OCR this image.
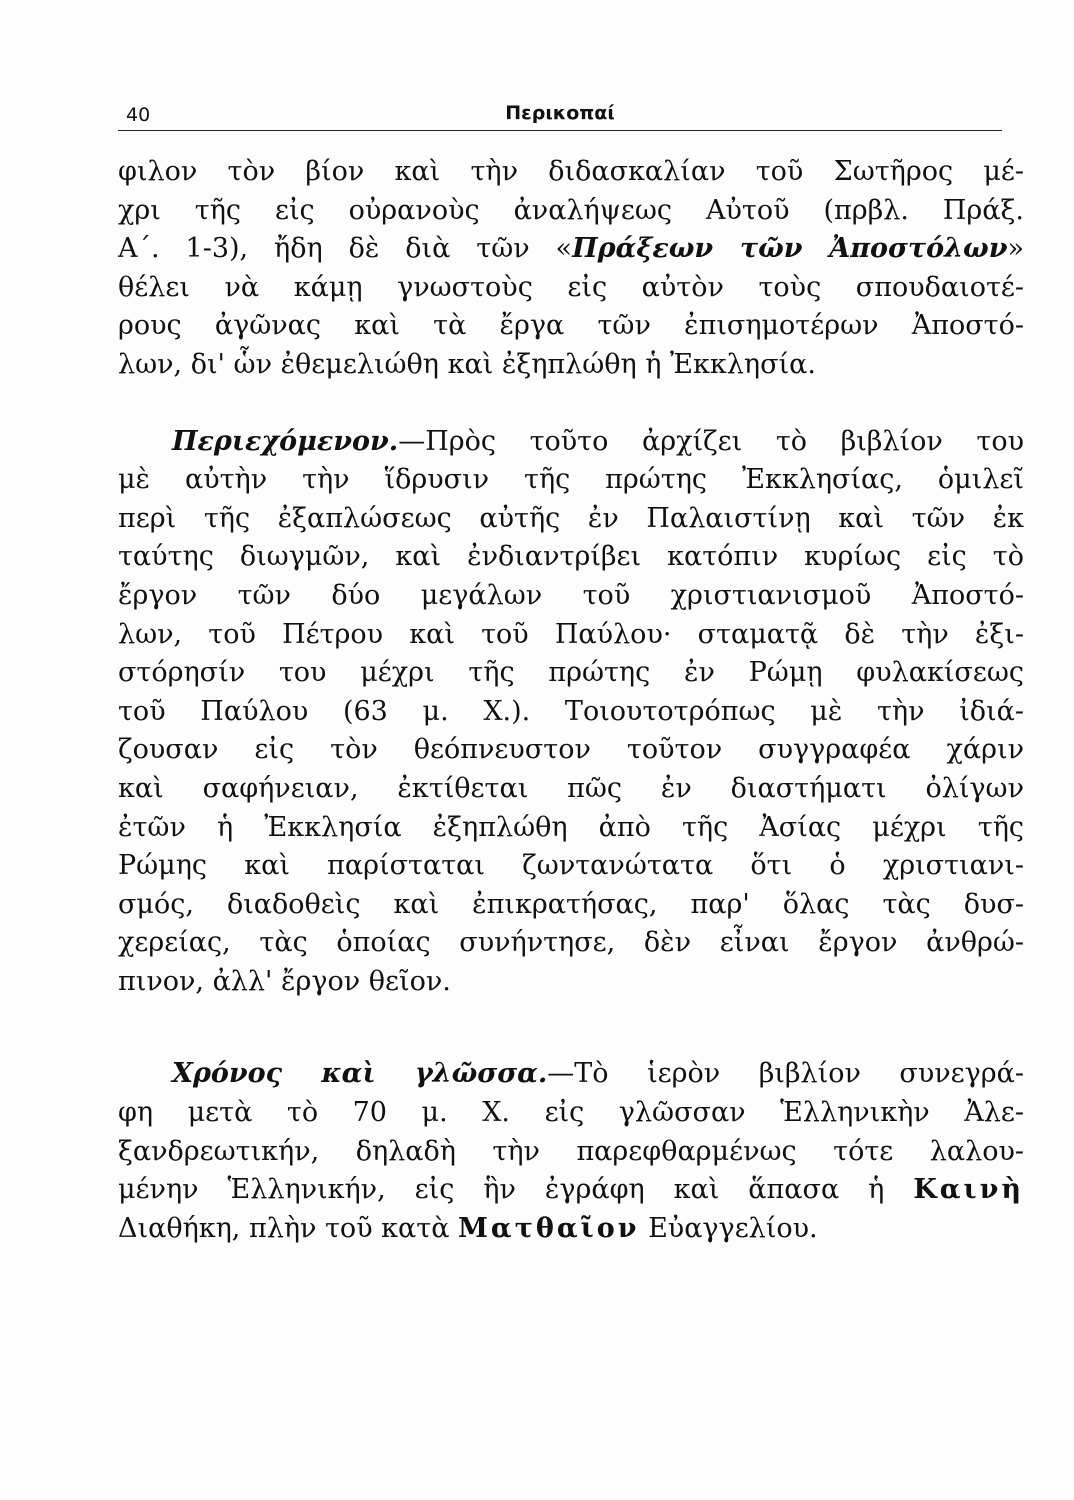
40	Περικοπαί
φιλον τὸν βίον καὶ τὴν διδασκαλίαν τοῦ Σωτῆρος μέ-
χρι τῆς εἰς οὐρανοὺς ἀναλήψεως Αὐτοῦ (πρβλ. Πράξ.
Α΄. 1-3), ἤδη δὲ διὰ τῶν «Πράξεων τῶν Ἀποστόλων»
θέλει νὰ κάμῃ γνωστοὺς εἰς αὐτὸν τοὺς σπουδαιοτέ-
ρους ἀγῶνας καὶ τὰ ἔργα τῶν ἐπισημοτέρων Ἀποστό-
λων, δι' ὧν ἐθεμελιώθη καὶ ἐξηπλώθη ἡ Ἐκκλησία.
Περιεχόμενον.—Πρὸς τοῦτο ἀρχίζει τὸ βιβλίον του
μὲ αὐτὴν τὴν ἵδρυσιν τῆς πρώτης Ἐκκλησίας, ὁμιλεῖ
περὶ τῆς ἐξαπλώσεως αὐτῆς ἐν Παλαιστίνῃ καὶ τῶν ἐκ
ταύτης διωγμῶν, καὶ ἐνδιαντρίβει κατόπιν κυρίως εἰς τὸ
ἔργον τῶν δύο μεγάλων τοῦ χριστιανισμοῦ Ἀποστό-
λων, τοῦ Πέτρου καὶ τοῦ Παύλου· σταματᾷ δὲ τὴν ἐξι-
στόρησίν του μέχρι τῆς πρώτης ἐν Ρώμῃ φυλακίσεως
τοῦ Παύλου (63 μ. Χ.). Τοιουτοτρόπως μὲ τὴν ἰδιά-
ζουσαν εἰς τὸν θεόπνευστον τοῦτον συγγραφέα χάριν
καὶ σαφήνειαν, ἐκτίθεται πῶς ἐν διαστήματι ὀλίγων
ἐτῶν ἡ Ἐκκλησία ἐξηπλώθη ἀπὸ τῆς Ἀσίας μέχρι τῆς
Ρώμης καὶ παρίσταται ζωντανώτατα ὅτι ὁ χριστιανι-
σμός, διαδοθεὶς καὶ ἐπικρατήσας, παρ' ὅλας τὰς δυσ-
χερείας, τὰς ὁποίας συνήντησε, δὲν εἶναι ἔργον ἀνθρώ-
πινον, ἀλλ' ἔργον θεῖον.
Χρόνος καὶ γλῶσσα.—Τὸ ἱερὸν βιβλίον συνεγρά-
φη μετὰ τὸ 70 μ. Χ. εἰς γλῶσσαν Ἑλληνικὴν Ἀλε-
ξανδρεωτικήν, δηλαδὴ τὴν παρεφθαρμένως τότε λαλου-
μένην Ἑλληνικήν, εἰς ἣν ἐγράφη καὶ ἅπασα ἡ Καινὴ
Διαθήκη, πλὴν τοῦ κατὰ Ματθαῖον Εὐαγγελίου.
